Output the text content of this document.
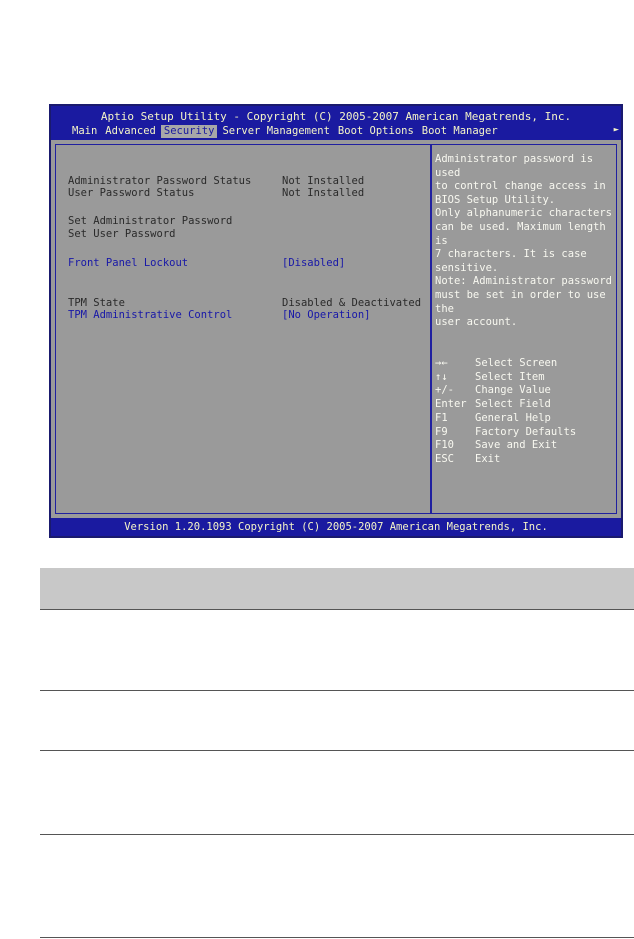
Aptio Setup Utility - Copyright (C) 2005-2007 American Megatrends, Inc.
Main Advanced Security Server Management Boot Options Boot Manager	►
Administrator Password Status	Not Installed
User Password Status	Not Installed
Set Administrator Password
Set User Password
Front Panel Lockout	[Disabled]
TPM State	Disabled & Deactivated
TPM Administrative Control	[No Operation]
Administrator password is used
to control change access in
BIOS Setup Utility.
Only alphanumeric characters
can be used. Maximum length is
7 characters. It is case
sensitive.
Note: Administrator password
must be set in order to use the
user account.
→←	Select Screen
↑↓	Select Item
+/- Change Value
Enter Select Field
F1	General Help
F9	Factory Defaults
F10 Save and Exit
ESC Exit
Version 1.20.1093 Copyright (C) 2005-2007 American Megatrends, Inc.
